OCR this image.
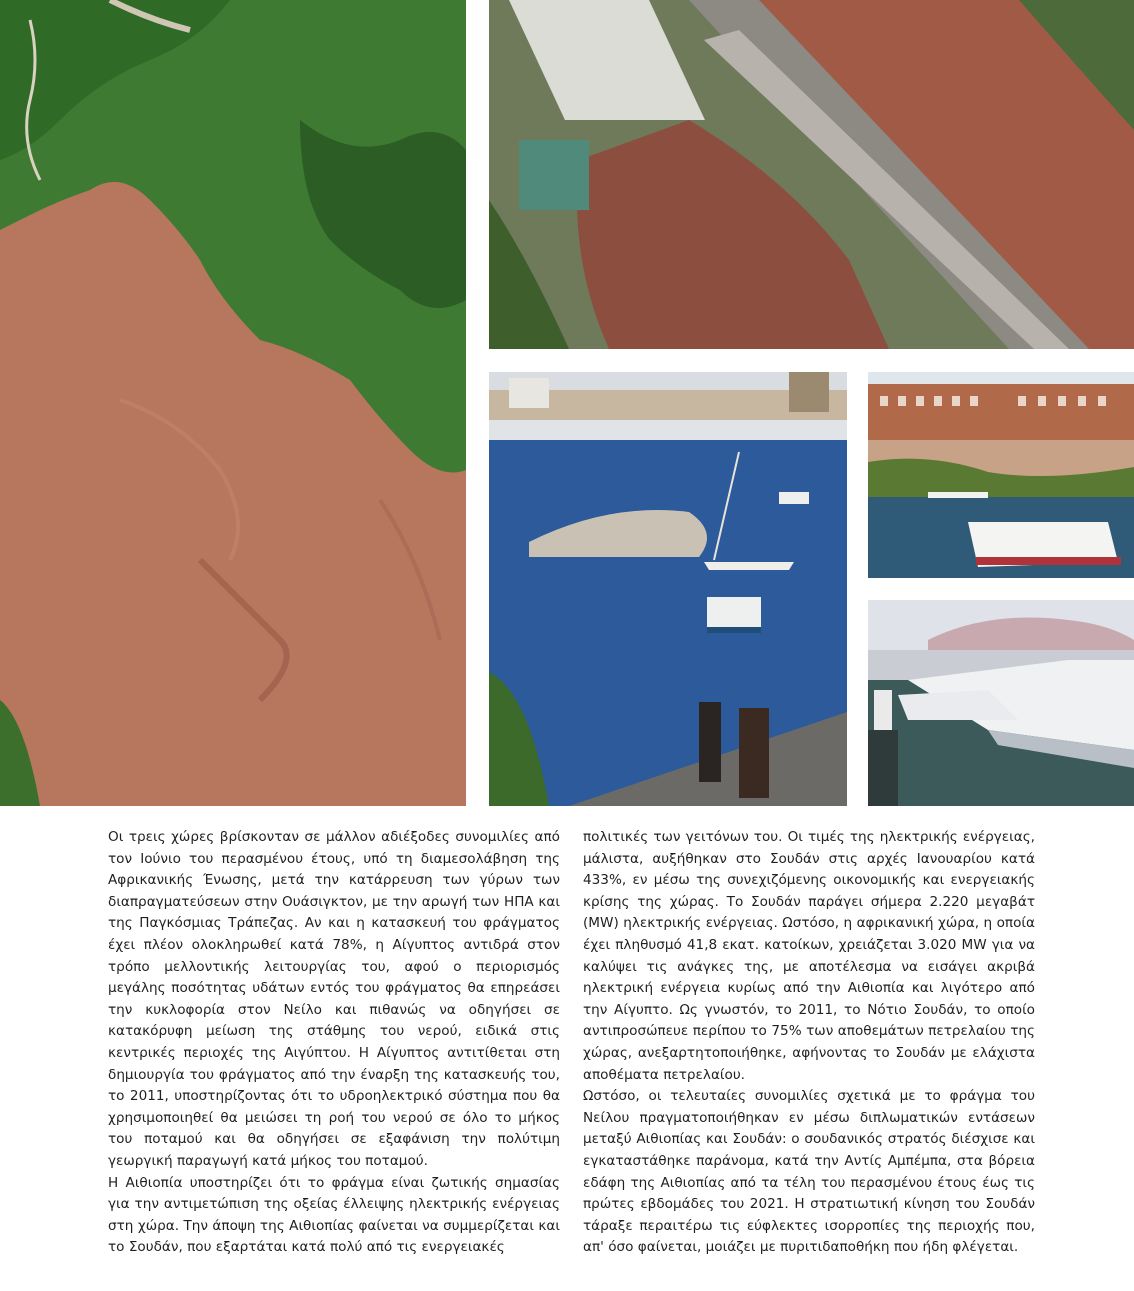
Οι τρεις χώρες βρίσκονταν σε μάλλον αδιέξοδες συνομιλίες από τον Ιούνιο του περασμένου έτους, υπό τη διαμεσολάβηση της Αφρικανικής Ένωσης, μετά την κατάρρευση των γύρων των διαπραγματεύσεων στην Ουάσιγκτον, με την αρωγή των ΗΠΑ και της Παγκόσμιας Τράπεζας. Αν και η κατασκευή του φράγματος έχει πλέον ολοκληρωθεί κατά 78%, η Αίγυπτος αντιδρά στον τρόπο μελλοντικής λειτουργίας του, αφού ο περιορισμός μεγάλης ποσότητας υδάτων εντός του φράγματος θα επηρεάσει την κυκλοφορία στον Νείλο και πιθανώς να οδηγήσει σε κατακόρυφη μείωση της στάθμης του νερού, ειδικά στις κεντρικές περιοχές της Αιγύπτου. Η Αίγυπτος αντιτίθεται στη δημιουργία του φράγματος από την έναρξη της κατασκευής του, το 2011, υποστηρίζοντας ότι το υδροηλεκτρικό σύστημα που θα χρησιμοποιηθεί θα μειώσει τη ροή του νερού σε όλο το μήκος του ποταμού και θα οδηγήσει σε εξαφάνιση την πολύτιμη γεωργική παραγωγή κατά μήκος του ποταμού.

Η Αιθιοπία υποστηρίζει ότι το φράγμα είναι ζωτικής σημασίας για την αντιμετώπιση της οξείας έλλειψης ηλεκτρικής ενέργειας στη χώρα. Την άποψη της Αιθιοπίας φαίνεται να συμμερίζεται και το Σουδάν, που εξαρτάται κατά πολύ από τις ενεργειακές

πολιτικές των γειτόνων του. Οι τιμές της ηλεκτρικής ενέργειας, μάλιστα, αυξήθηκαν στο Σουδάν στις αρχές Ιανουαρίου κατά 433%, εν μέσω της συνεχιζόμενης οικονομικής και ενεργειακής κρίσης της χώρας. Το Σουδάν παράγει σήμερα 2.220 μεγαβάτ (MW) ηλεκτρικής ενέργειας. Ωστόσο, η αφρικανική χώρα, η οποία έχει πληθυσμό 41,8 εκατ. κατοίκων, χρειάζεται 3.020 MW για να καλύψει τις ανάγκες της, με αποτέλεσμα να εισάγει ακριβά ηλεκτρική ενέργεια κυρίως από την Αιθιοπία και λιγότερο από την Αίγυπτο. Ως γνωστόν, το 2011, το Νότιο Σουδάν, το οποίο αντιπροσώπευε περίπου το 75% των αποθεμάτων πετρελαίου της χώρας, ανεξαρτητοποιήθηκε, αφήνοντας το Σουδάν με ελάχιστα αποθέματα πετρελαίου.

Ωστόσο, οι τελευταίες συνομιλίες σχετικά με το φράγμα του Νείλου πραγματοποιήθηκαν εν μέσω διπλωματικών εντάσεων μεταξύ Αιθιοπίας και Σουδάν: ο σουδανικός στρατός διέσχισε και εγκαταστάθηκε παράνομα, κατά την Αντίς Αμπέμπα, στα βόρεια εδάφη της Αιθιοπίας από τα τέλη του περασμένου έτους έως τις πρώτες εβδομάδες του 2021. Η στρατιωτική κίνηση του Σουδάν τάραξε περαιτέρω τις εύφλεκτες ισορροπίες της περιοχής που, απ' όσο φαίνεται, μοιάζει με πυριτιδαποθήκη που ήδη φλέγεται.
